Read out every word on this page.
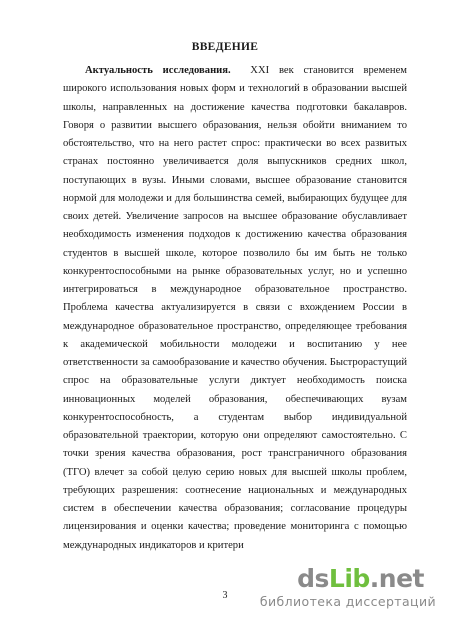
ВВЕДЕНИЕ
Актуальность исследования. XXI век становится временем
широкого использования новых форм и технологий в образовании высшей
школы, направленных на достижение качества подготовки бакалавров.
Говоря о развитии высшего образования, нельзя обойти вниманием то
обстоятельство, что на него растет спрос: практически во всех развитых
странах постоянно увеличивается доля выпускников средних школ,
поступающих в вузы. Иными словами, высшее образование становится
нормой для молодежи и для большинства семей, выбирающих будущее для
своих детей. Увеличение запросов на высшее образование обуславливает
необходимость изменения подходов к достижению качества образования
студентов в высшей школе, которое позволило бы им быть не только
конкурентоспособными на рынке образовательных услуг, но и успешно
интегрироваться в международное образовательное пространство.
Проблема качества актуализируется в связи с вхождением России в
международное образовательное пространство, определяющее требования
к академической мобильности молодежи и воспитанию у нее
ответственности за самообразование и качество обучения. Быстрорастущий
спрос на образовательные услуги диктует необходимость поиска
инновационных моделей образования, обеспечивающих вузам
конкурентоспособность, а студентам выбор индивидуальной
образовательной траектории, которую они определяют самостоятельно. С
точки зрения качества образования, рост трансграничного образования
(ТГО) влечет за собой целую серию новых для высшей школы проблем,
требующих разрешения: соотнесение национальных и международных
систем в обеспечении качества образования; согласование процедуры
лицензирования и оценки качества; проведение мониторинга с помощью
международных индикаторов и критери
3
dsLib.net
библиотека диссертаций
